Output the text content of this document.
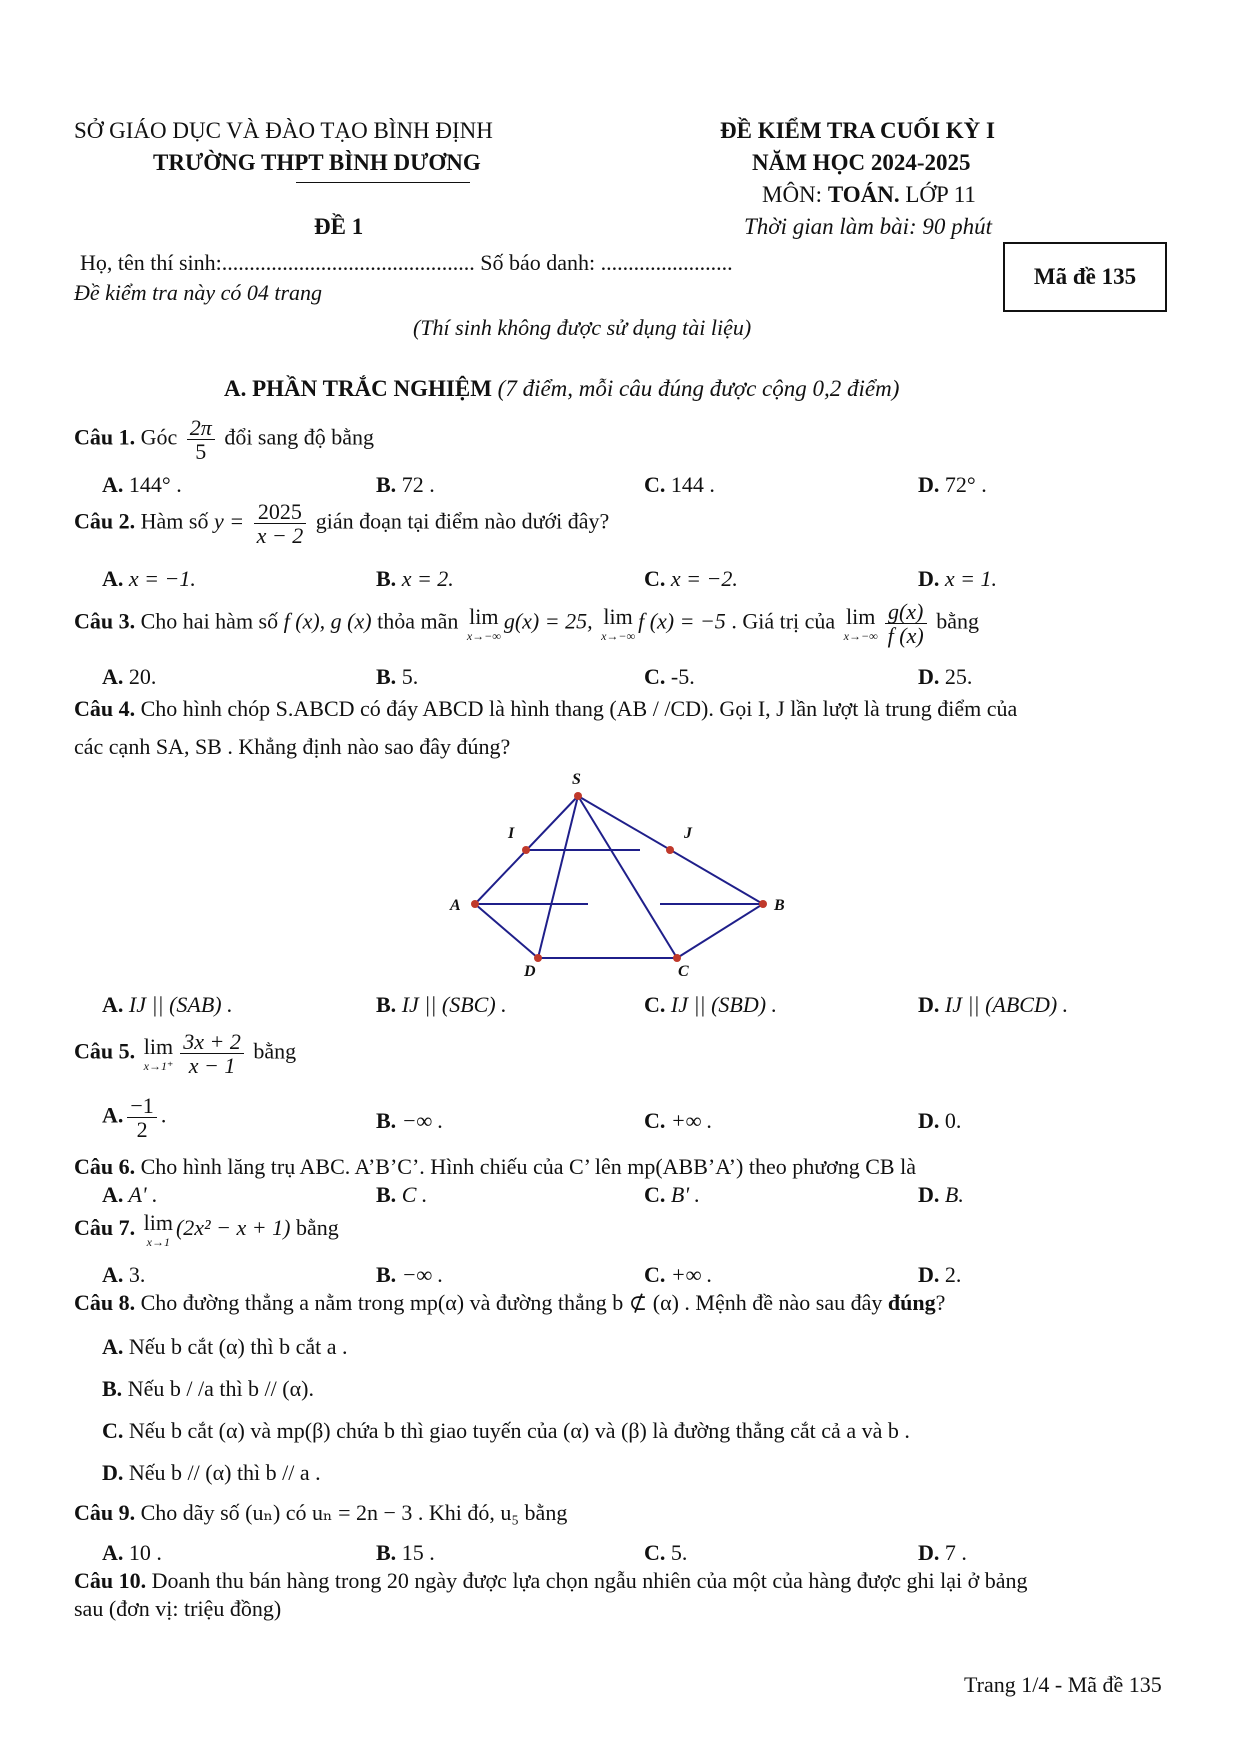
SỞ GIÁO DỤC VÀ ĐÀO TẠO BÌNH ĐỊNH
TRƯỜNG THPT BÌNH DƯƠNG
ĐỀ KIỂM TRA CUỐI KỲ I
NĂM HỌC 2024-2025
MÔN: TOÁN. LỚP 11
ĐỀ 1	Thời gian làm bài: 90 phút
Họ, tên thí sinh:.............................................. Số báo danh: ........................
Đề kiểm tra này có 04 trang
Mã đề 135
(Thí sinh không được sử dụng tài liệu)
A. PHẦN TRẮC NGHIỆM (7 điểm, mỗi câu đúng được cộng 0,2 điểm)
Câu 1. Góc $\frac{2\pi}{5}$ đổi sang độ bằng
A. 144° .	B. 72 .	C. 144 .	D. 72° .
Câu 2. Hàm số $y = \frac{2025}{x - 2}$ gián đoạn tại điểm nào dưới đây?
A. x = −1.	B. x = 2.	C. x = −2.	D. x = 1.
Câu 3. Cho hai hàm số f (x), g (x) thỏa mãn lim
x→−∞
g(x) = 25, lim
x→−∞
f (x) = −5 . Giá trị của lim
$x\to-\infty \frac{g(x)}{f (x)}$ bằng
A. 20.	B. 5.	C. -5.	D. 25.
Câu 4. Cho hình chóp S.ABCD có đáy ABCD là hình thang (AB / /CD). Gọi I, J lần lượt là trung điểm của
các cạnh SA, SB . Khẳng định nào sao đây đúng?
S
I	J
A	B
D	C
A. IJ || (SAB) .	B. IJ || (SBC) .	C. IJ || (SBD) .	D. IJ || (ABCD) .
Câu 5. lim
$x\to 1^+ \frac{3x + 2}{x - 1}$ bằng
A. $\frac{-1}{2}$ .	B. −∞ .	C. +∞ .	D. 0.
Câu 6. Cho hình lăng trụ ABC. A’B’C’. Hình chiếu của C’ lên mp(ABB’A’) theo phương CB là
A. A' .	B. C .	C. B' .	D. B.
Câu 7. lim
x→1
(2x² − x + 1) bằng
A. 3.	B. −∞ .	C. +∞ .	D. 2.
Câu 8. Cho đường thẳng a nằm trong mp(α) và đường thẳng b ⊄ (α) . Mệnh đề nào sau đây đúng?
A. Nếu b cắt (α) thì b cắt a .
B. Nếu b / /a thì b // (α).
C. Nếu b cắt (α) và mp(β) chứa b thì giao tuyến của (α) và (β) là đường thẳng cắt cả a và b .
D. Nếu b // (α) thì b // a .
Câu 9. Cho dãy số (uₙ) có uₙ = 2n − 3 . Khi đó, u₅ bằng
A. 10 .	B. 15 .	C. 5.	D. 7 .
Câu 10. Doanh thu bán hàng trong 20 ngày được lựa chọn ngẫu nhiên của một của hàng được ghi lại ở bảng
sau (đơn vị: triệu đồng)
Trang 1/4 - Mã đề 135
